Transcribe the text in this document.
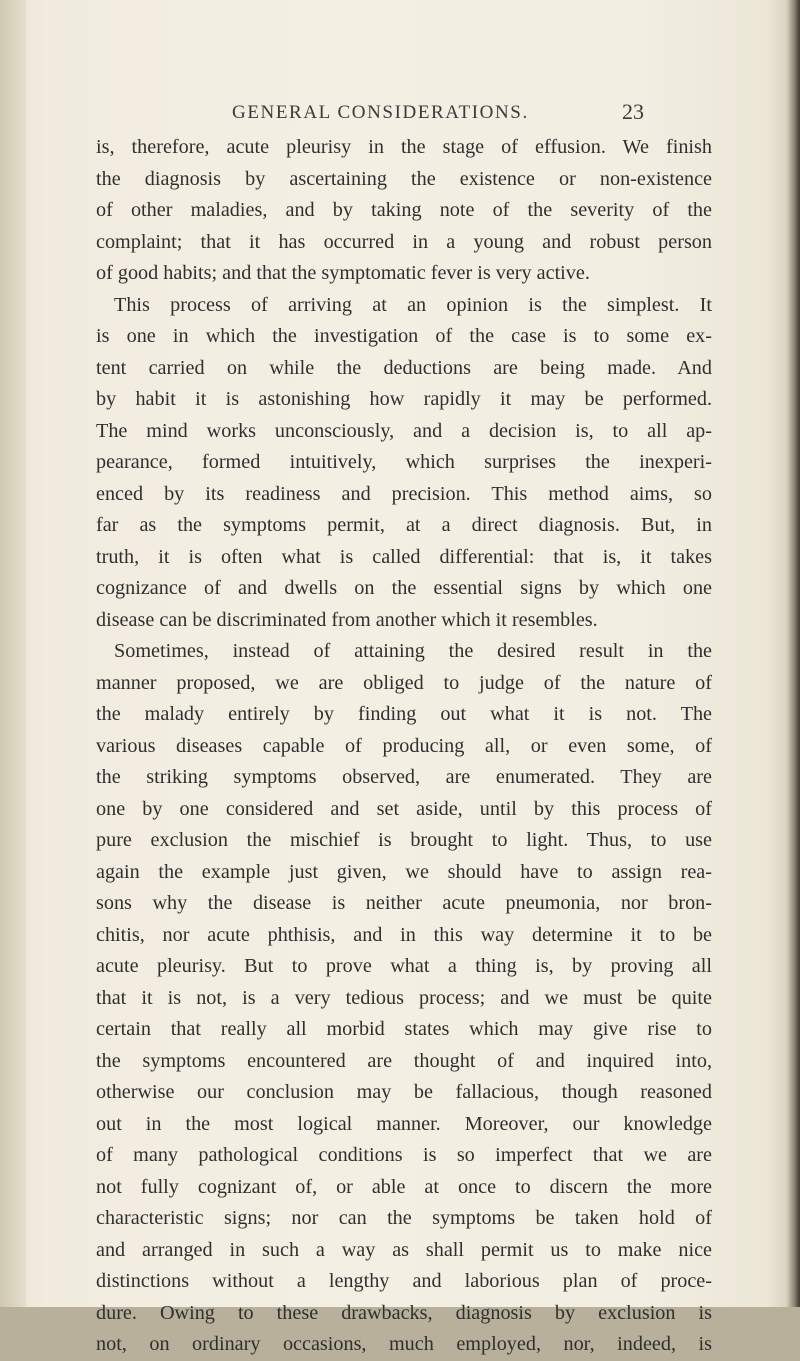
GENERAL CONSIDERATIONS.	23
is, therefore, acute pleurisy in the stage of effusion. We finish
the diagnosis by ascertaining the existence or non-existence
of other maladies, and by taking note of the severity of the
complaint; that it has occurred in a young and robust person
of good habits; and that the symptomatic fever is very active.
This process of arriving at an opinion is the simplest. It
is one in which the investigation of the case is to some ex-
tent carried on while the deductions are being made. And
by habit it is astonishing how rapidly it may be performed.
The mind works unconsciously, and a decision is, to all ap-
pearance, formed intuitively, which surprises the inexperi-
enced by its readiness and precision. This method aims, so
far as the symptoms permit, at a direct diagnosis. But, in
truth, it is often what is called differential: that is, it takes
cognizance of and dwells on the essential signs by which one
disease can be discriminated from another which it resembles.
Sometimes, instead of attaining the desired result in the
manner proposed, we are obliged to judge of the nature of
the malady entirely by finding out what it is not. The
various diseases capable of producing all, or even some, of
the striking symptoms observed, are enumerated. They are
one by one considered and set aside, until by this process of
pure exclusion the mischief is brought to light. Thus, to use
again the example just given, we should have to assign rea-
sons why the disease is neither acute pneumonia, nor bron-
chitis, nor acute phthisis, and in this way determine it to be
acute pleurisy. But to prove what a thing is, by proving all
that it is not, is a very tedious process; and we must be quite
certain that really all morbid states which may give rise to
the symptoms encountered are thought of and inquired into,
otherwise our conclusion may be fallacious, though reasoned
out in the most logical manner. Moreover, our knowledge
of many pathological conditions is so imperfect that we are
not fully cognizant of, or able at once to discern the more
characteristic signs; nor can the symptoms be taken hold of
and arranged in such a way as shall permit us to make nice
distinctions without a lengthy and laborious plan of proce-
dure. Owing to these drawbacks, diagnosis by exclusion is
not, on ordinary occasions, much employed, nor, indeed, is
